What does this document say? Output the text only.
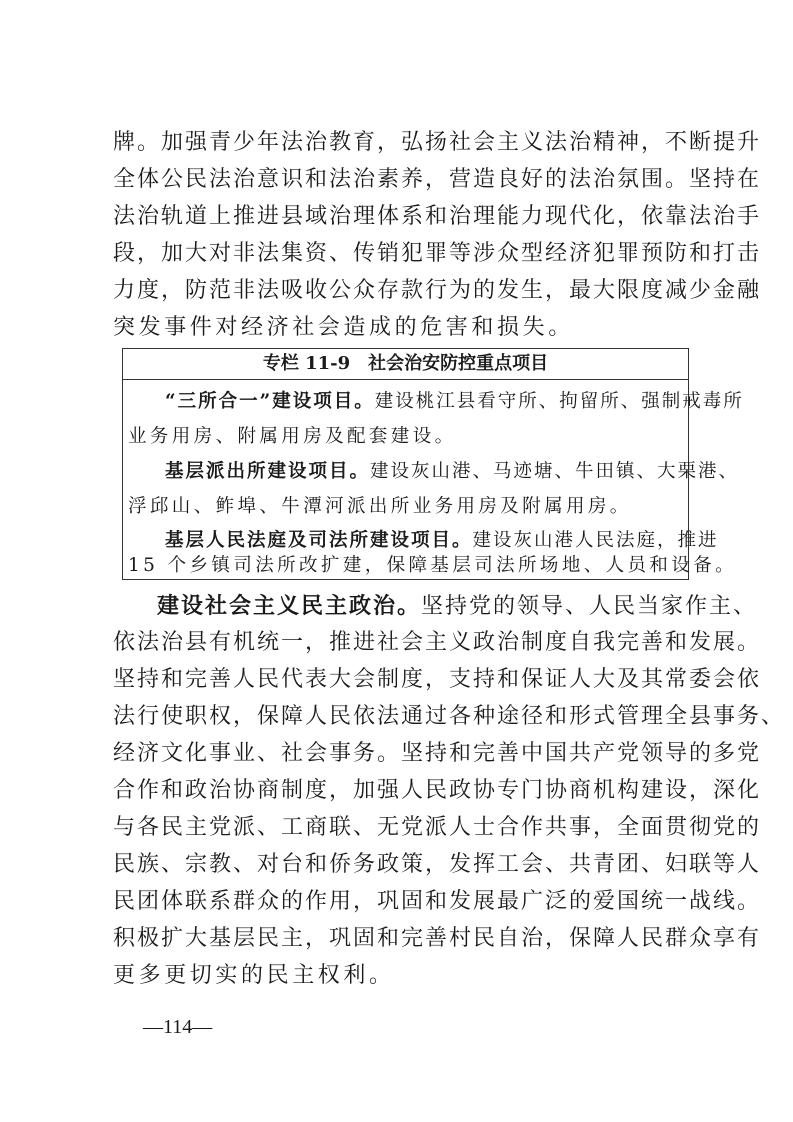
牌。加强青少年法治教育，弘扬社会主义法治精神，不断提升
全体公民法治意识和法治素养，营造良好的法治氛围。坚持在
法治轨道上推进县域治理体系和治理能力现代化，依靠法治手
段，加大对非法集资、传销犯罪等涉众型经济犯罪预防和打击
力度，防范非法吸收公众存款行为的发生，最大限度减少金融
突发事件对经济社会造成的危害和损失。
专栏 11-9　社会治安防控重点项目
“三所合一”建设项目。建设桃江县看守所、拘留所、强制戒毒所
业务用房、附属用房及配套建设。
基层派出所建设项目。建设灰山港、马迹塘、牛田镇、大栗港、
浮邱山、鲊埠、牛潭河派出所业务用房及附属用房。
基层人民法庭及司法所建设项目。建设灰山港人民法庭，推进
15 个乡镇司法所改扩建，保障基层司法所场地、人员和设备。
建设社会主义民主政治。坚持党的领导、人民当家作主、
依法治县有机统一，推进社会主义政治制度自我完善和发展。
坚持和完善人民代表大会制度，支持和保证人大及其常委会依
法行使职权，保障人民依法通过各种途径和形式管理全县事务、
经济文化事业、社会事务。坚持和完善中国共产党领导的多党
合作和政治协商制度，加强人民政协专门协商机构建设，深化
与各民主党派、工商联、无党派人士合作共事，全面贯彻党的
民族、宗教、对台和侨务政策，发挥工会、共青团、妇联等人
民团体联系群众的作用，巩固和发展最广泛的爱国统一战线。
积极扩大基层民主，巩固和完善村民自治，保障人民群众享有
更多更切实的民主权利。
—114—
